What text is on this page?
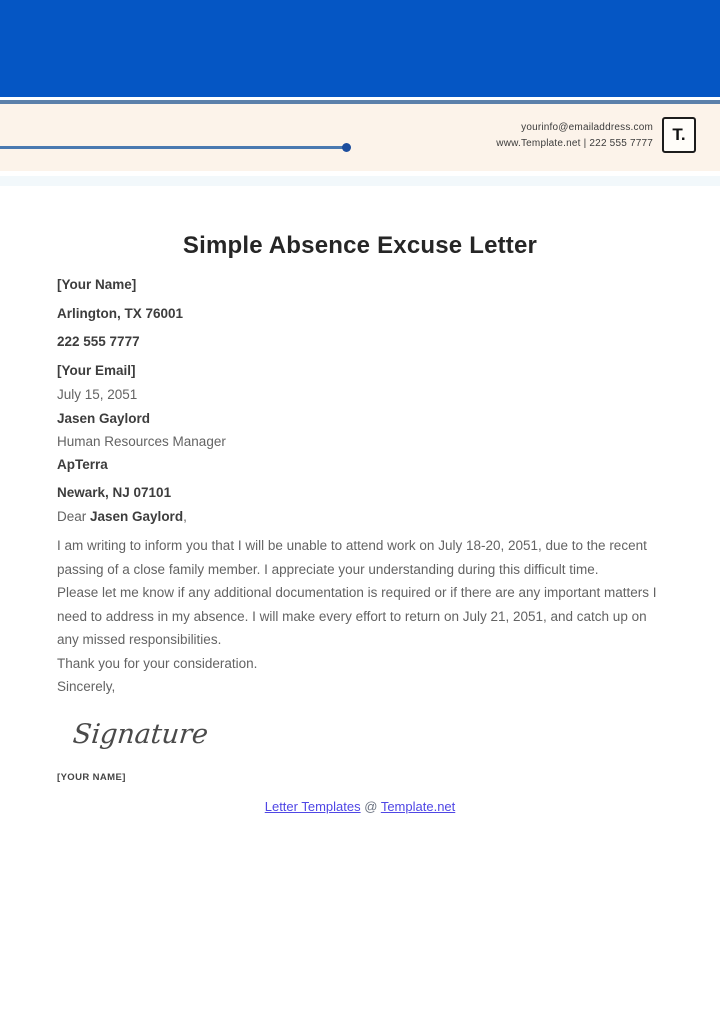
yourinfo@emailaddress.com
www.Template.net | 222 555 7777 T.
Simple Absence Excuse Letter

[Your Name]

Arlington, TX 76001

222 555 7777

[Your Email]

July 15, 2051

Jasen Gaylord

Human Resources Manager

ApTerra

Newark, NJ 07101

Dear Jasen Gaylord,

I am writing to inform you that I will be unable to attend work on July 18-20, 2051, due to the recent passing of a close family member. I appreciate your understanding during this difficult time.

Please let me know if any additional documentation is required or if there are any important matters I need to address in my absence. I will make every effort to return on July 21, 2051, and catch up on any missed responsibilities.

Thank you for your consideration.

Sincerely,

Signature

[YOUR NAME]

Letter Templates @ Template.net
